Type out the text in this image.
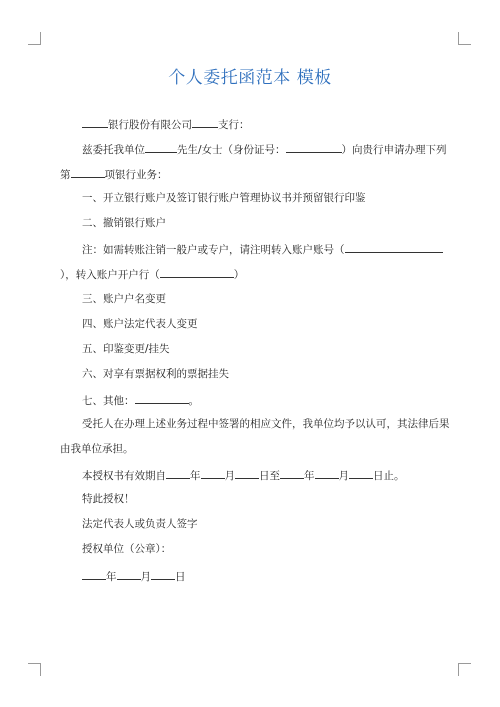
个人委托函范本 模板
银行股份有限公司 支行：
兹委托我单位	先生/女士（身份证号：	）向贵行申请办理下列
第	项银行业务：
一、开立银行账户及签订银行账户管理协议书并预留银行印鉴
二、撤销银行账户
注：如需转账注销一般户或专户，请注明转入账户账号（
），转入账户开户行（	）
三、账户户名变更
四、账户法定代表人变更
五、印鉴变更/挂失
六、对享有票据权利的票据挂失
七、其他：	。
受托人在办理上述业务过程中签署的相应文件，我单位均予以认可，其法律后果
由我单位承担。
本授权书有效期自 年 月 日至 年 月 日止。
特此授权！
法定代表人或负责人签字
授权单位（公章）：
年 月 日
